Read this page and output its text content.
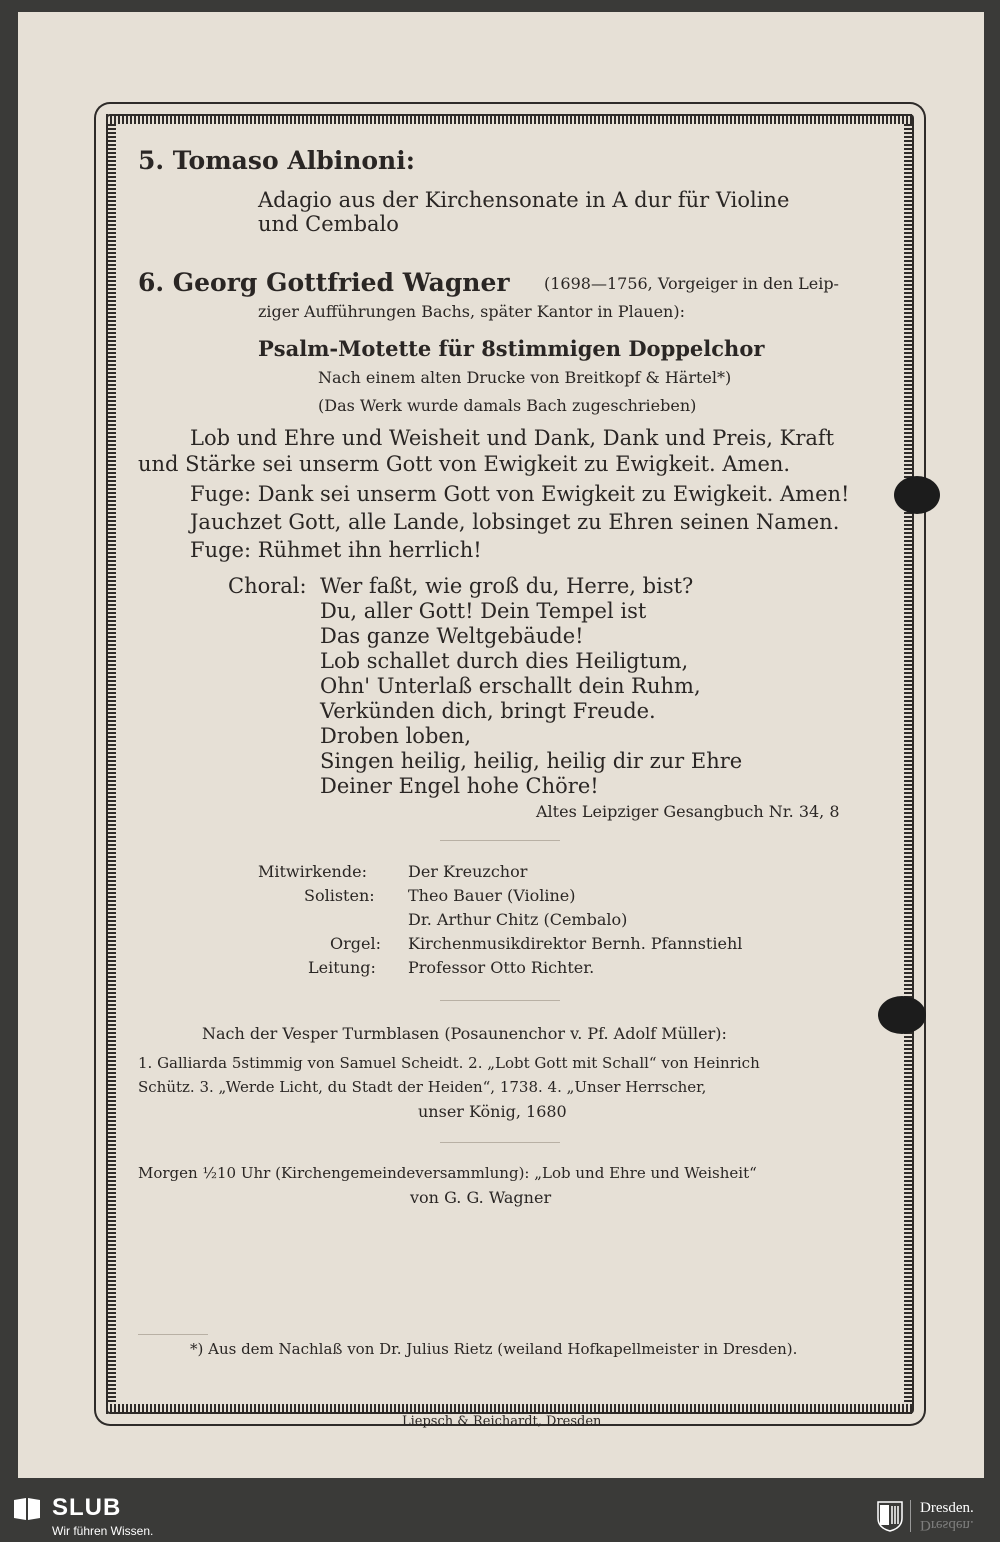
5. Tomaso Albinoni:
Adagio aus der Kirchensonate in A dur für Violine
und Cembalo
6. Georg Gottfried Wagner (1698—1756, Vorgeiger in den Leip-
ziger Aufführungen Bachs, später Kantor in Plauen):
Psalm-Motette für 8stimmigen Doppelchor
Nach einem alten Drucke von Breitkopf & Härtel*)
(Das Werk wurde damals Bach zugeschrieben)
Lob und Ehre und Weisheit und Dank, Dank und Preis, Kraft
und Stärke sei unserm Gott von Ewigkeit zu Ewigkeit. Amen.
Fuge: Dank sei unserm Gott von Ewigkeit zu Ewigkeit. Amen!
Jauchzet Gott, alle Lande, lobsinget zu Ehren seinen Namen.
Fuge: Rühmet ihn herrlich!
Choral: Wer faßt, wie groß du, Herre, bist?
Du, aller Gott! Dein Tempel ist
Das ganze Weltgebäude!
Lob schallet durch dies Heiligtum,
Ohn' Unterlaß erschallt dein Ruhm,
Verkünden dich, bringt Freude.
Droben loben,
Singen heilig, heilig, heilig dir zur Ehre
Deiner Engel hohe Chöre!
Altes Leipziger Gesangbuch Nr. 34, 8
Mitwirkende:	Der Kreuzchor
Solisten: Theo Bauer (Violine)
Dr. Arthur Chitz (Cembalo)
Orgel: Kirchenmusikdirektor Bernh. Pfannstiehl
Leitung: Professor Otto Richter.
Nach der Vesper Turmblasen (Posaunenchor v. Pf. Adolf Müller):
1. Galliarda 5stimmig von Samuel Scheidt. 2. „Lobt Gott mit Schall“ von Heinrich
Schütz. 3. „Werde Licht, du Stadt der Heiden“, 1738. 4. „Unser Herrscher,
unser König, 1680
Morgen ½10 Uhr (Kirchengemeindeversammlung): „Lob und Ehre und Weisheit“
von G. G. Wagner
*) Aus dem Nachlaß von Dr. Julius Rietz (weiland Hofkapellmeister in Dresden).
Liepsch & Reichardt, Dresden
SLUB
Wir führen Wissen.
Dresden.
Dresden.
